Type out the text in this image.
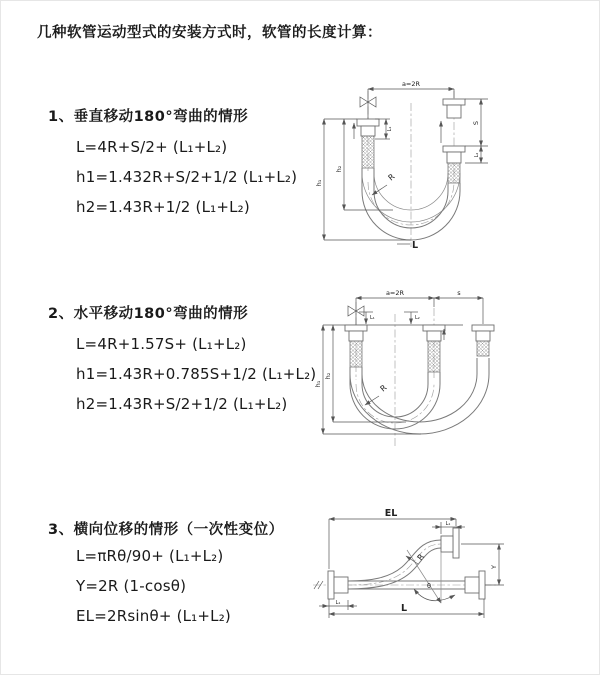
几种软管运动型式的安装方式时，软管的长度计算：
1、垂直移动180°弯曲的情形
L=4R+S/2+ (L₁+L₂)
h1=1.432R+S/2+1/2 (L₁+L₂)
h2=1.43R+1/2 (L₁+L₂)
2、水平移动180°弯曲的情形
L=4R+1.57S+ (L₁+L₂)
h1=1.43R+0.785S+1/2 (L₁+L₂)
h2=1.43R+S/2+1/2 (L₁+L₂)
3、横向位移的情形（一次性变位）
L=πRθ/90+ (L₁+L₂)
Y=2R (1-cosθ)
EL=2Rsinθ+ (L₁+L₂)
a=2R
h₁
h₂
L₁
S
L₂
R
L
L₁	L₂
a=2R	s
h₁
h₂
R
EL
L₁
Y
L
L₁
θ
R
